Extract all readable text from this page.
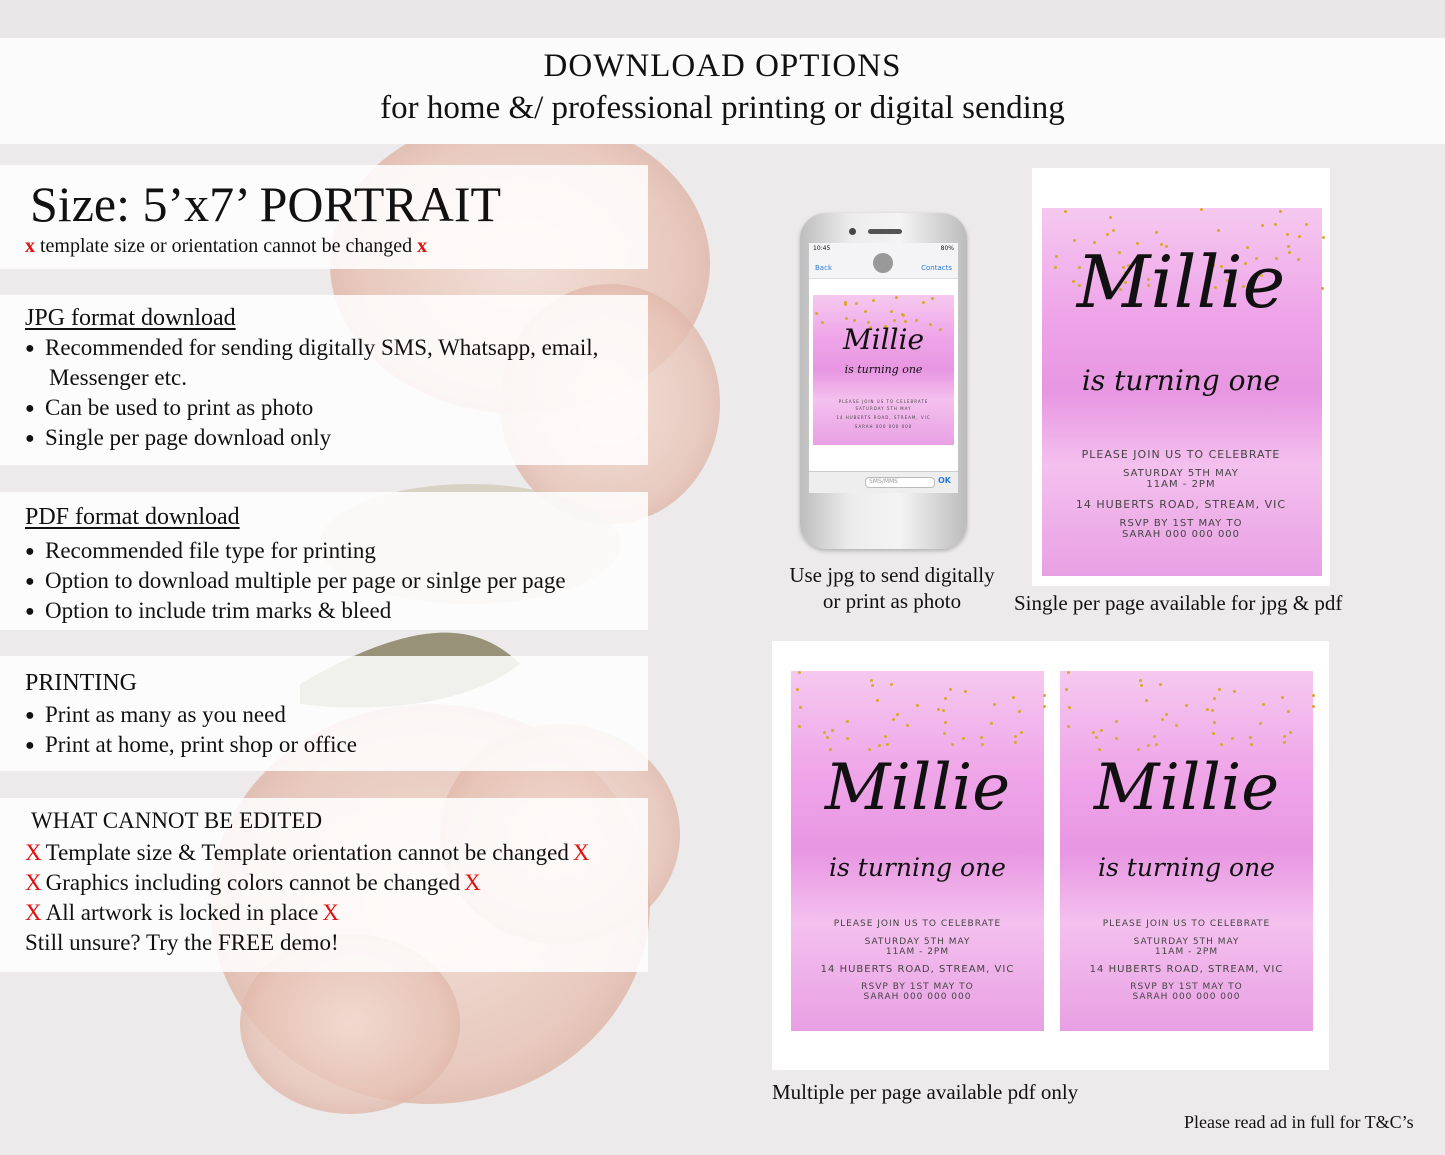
DOWNLOAD OPTIONS
for home &/ professional printing or digital sending
Size: 5’x7’ PORTRAIT
x template size or orientation cannot be changed x
JPG format download
● Recommended for sending digitally SMS, Whatsapp, email,
Messenger etc.
● Can be used to print as photo
● Single per page download only
PDF format download
● Recommended file type for printing
● Option to download multiple per page or sinlge per page
● Option to include trim marks & bleed
PRINTING
● Print as many as you need
● Print at home, print shop or office
WHAT CANNOT BE EDITED
X Template size & Template orientation cannot be changed X
X Graphics including colors cannot be changed X
X All artwork is locked in place X
Still unsure? Try the FREE demo!
10:45	80%
Back	Contacts
Millie
is turning one
PLEASE JOIN US TO CELEBRATE
SATURDAY 5TH MAY
14 HUBERTS ROAD, STREAM, VIC
SARAH 000 000 000
SMS/MMS	OK
Use jpg to send digitally
or print as photo
Millie
is turning one
PLEASE JOIN US TO CELEBRATE
SATURDAY 5TH MAY
11AM - 2PM
14 HUBERTS ROAD, STREAM, VIC
RSVP BY 1ST MAY TO
SARAH 000 000 000
Single per page available for jpg & pdf
Millie
is turning one
PLEASE JOIN US TO CELEBRATE
SATURDAY 5TH MAY
11AM - 2PM
14 HUBERTS ROAD, STREAM, VIC
RSVP BY 1ST MAY TO
SARAH 000 000 000
Millie
is turning one
PLEASE JOIN US TO CELEBRATE
SATURDAY 5TH MAY
11AM - 2PM
14 HUBERTS ROAD, STREAM, VIC
RSVP BY 1ST MAY TO
SARAH 000 000 000
Multiple per page available pdf only
Please read ad in full for T&C’s
